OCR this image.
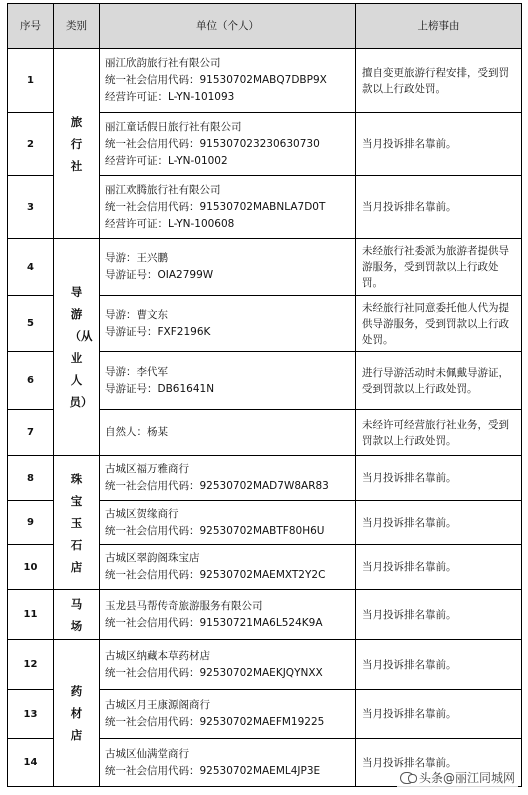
序号	类别	单位（个人）	上榜事由
1	旅行社	丽江欣韵旅行社有限公司
统一社会信用代码：91530702MABQ7DBP9X
经营许可证：L-YN-101093	擅自变更旅游行程安排，受到罚款以上行政处罚。
2		丽江童话假日旅行社有限公司
统一社会信用代码：915307023230630730
经营许可证：L-YN-01002	当月投诉排名靠前。
3		丽江欢腾旅行社有限公司
统一社会信用代码：91530702MABNLA7D0T
经营许可证：L-YN-100608	当月投诉排名靠前。
4	导游（从业人员）	导游：王兴鹏
导游证号：OIA2799W	未经旅行社委派为旅游者提供导游服务，受到罚款以上行政处罚。
5		导游：曹文东
导游证号：FXF2196K	未经旅行社同意委托他人代为提供导游服务，受到罚款以上行政处罚。
6		导游：李代军
导游证号：DB61641N	进行导游活动时未佩戴导游证，受到罚款以上行政处罚。
7		自然人：杨某	未经许可经营旅行社业务，受到罚款以上行政处罚。
8	珠宝玉石店	古城区福万雅商行
统一社会信用代码：92530702MAD7W8AR83	当月投诉排名靠前。
9		古城区贺缘商行
统一社会信用代码：92530702MABTF80H6U	当月投诉排名靠前。
10		古城区翠韵阁珠宝店
统一社会信用代码：92530702MAEMXT2Y2C	当月投诉排名靠前。
11	马场	玉龙县马帮传奇旅游服务有限公司
统一社会信用代码：91530721MA6L524K9A	当月投诉排名靠前。
12	药材店	古城区纳藏本草药材店
统一社会信用代码：92530702MAEKJQYNXX	当月投诉排名靠前。
13		古城区月王康源阁商行
统一社会信用代码：92530702MAEFM19225	当月投诉排名靠前。
14		古城区仙满堂商行
统一社会信用代码：92530702MAEML4JP3E	当月投诉排名靠前。
头条@丽江同城网
